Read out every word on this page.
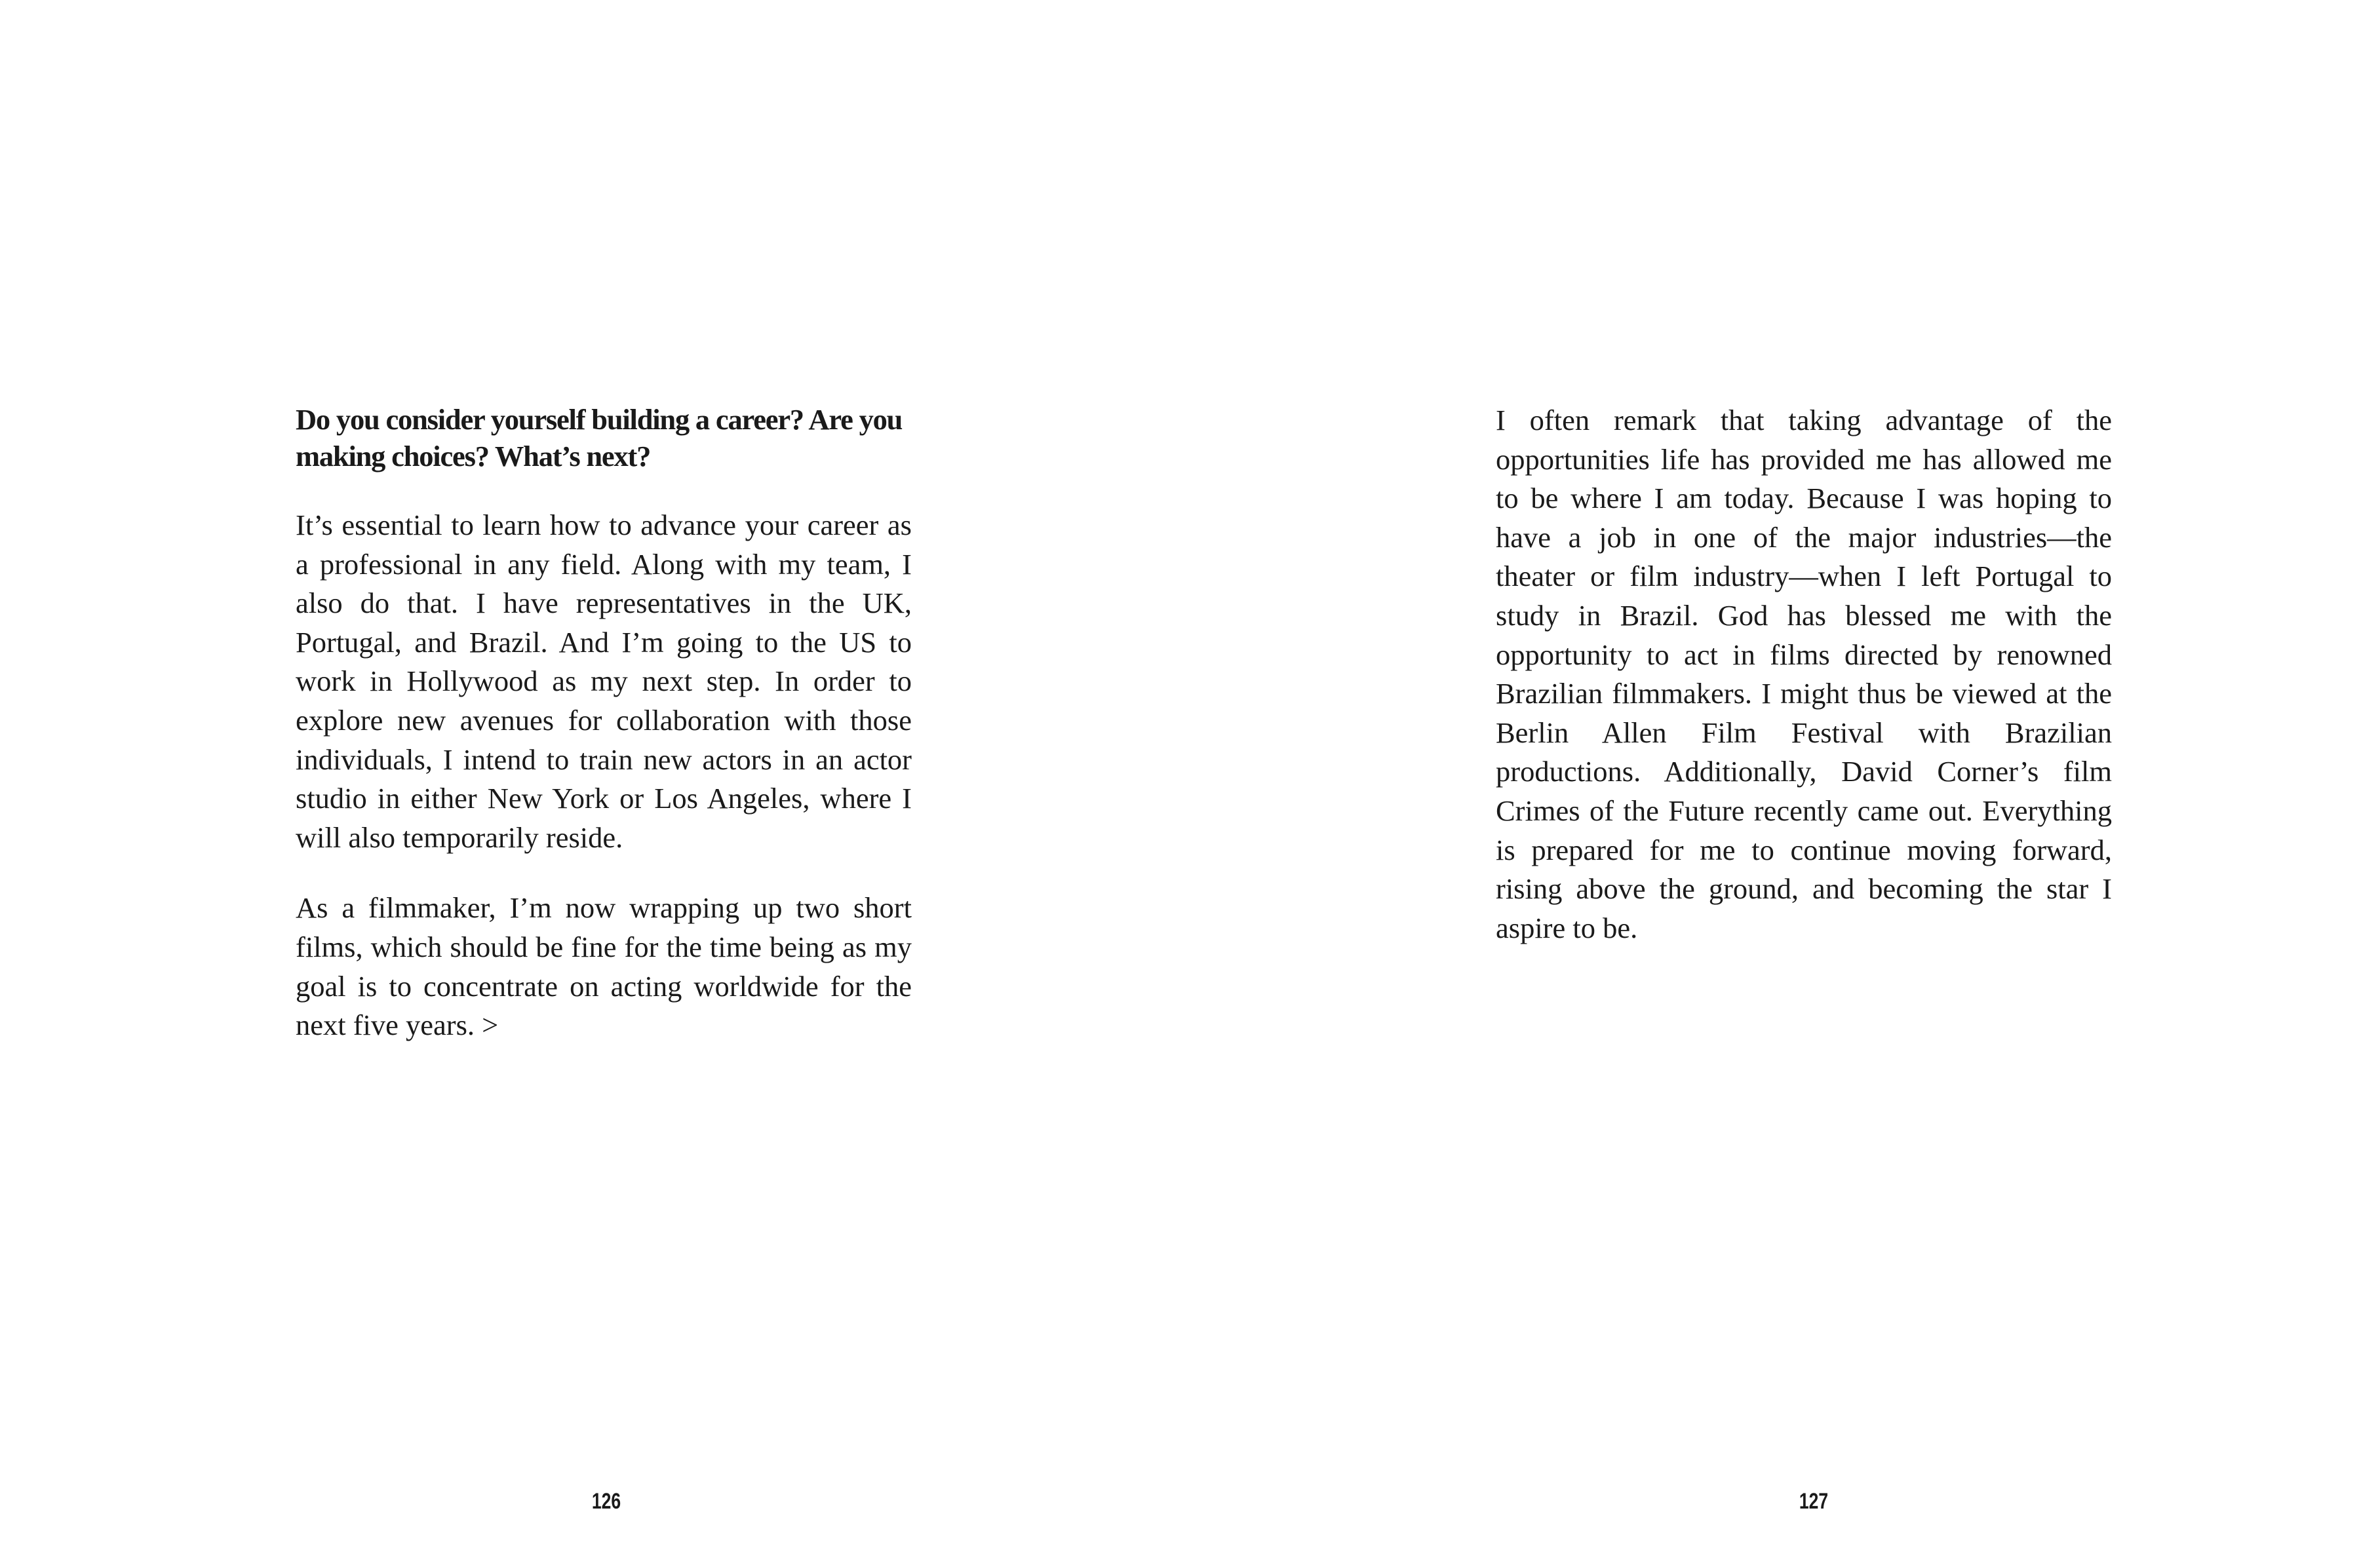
Do you consider yourself building a career? Are you making choices? What’s next?

It’s essential to learn how to advance your career as a professional in any field. Along with my team, I also do that. I have representatives in the UK, Portugal, and Brazil. And I’m going to the US to work in Hollywood as my next step. In order to explore new avenues for collaboration with those individuals, I intend to train new actors in an actor studio in either New York or Los Angeles, where I will also temporarily reside.

As a filmmaker, I’m now wrapping up two short films, which should be fine for the time being as my goal is to concentrate on acting worldwide for the next five years. >

126

I often remark that taking advantage of the opportunities life has provided me has allowed me to be where I am today. Because I was hoping to have a job in one of the major industries—the theater or film industry—when I left Portugal to study in Brazil. God has blessed me with the opportunity to act in films directed by renowned Brazilian filmmakers. I might thus be viewed at the Berlin Allen Film Festival with Brazilian productions. Additionally, David Corner’s film Crimes of the Future recently came out. Everything is prepared for me to continue moving forward, rising above the ground, and becoming the star I aspire to be.

127
